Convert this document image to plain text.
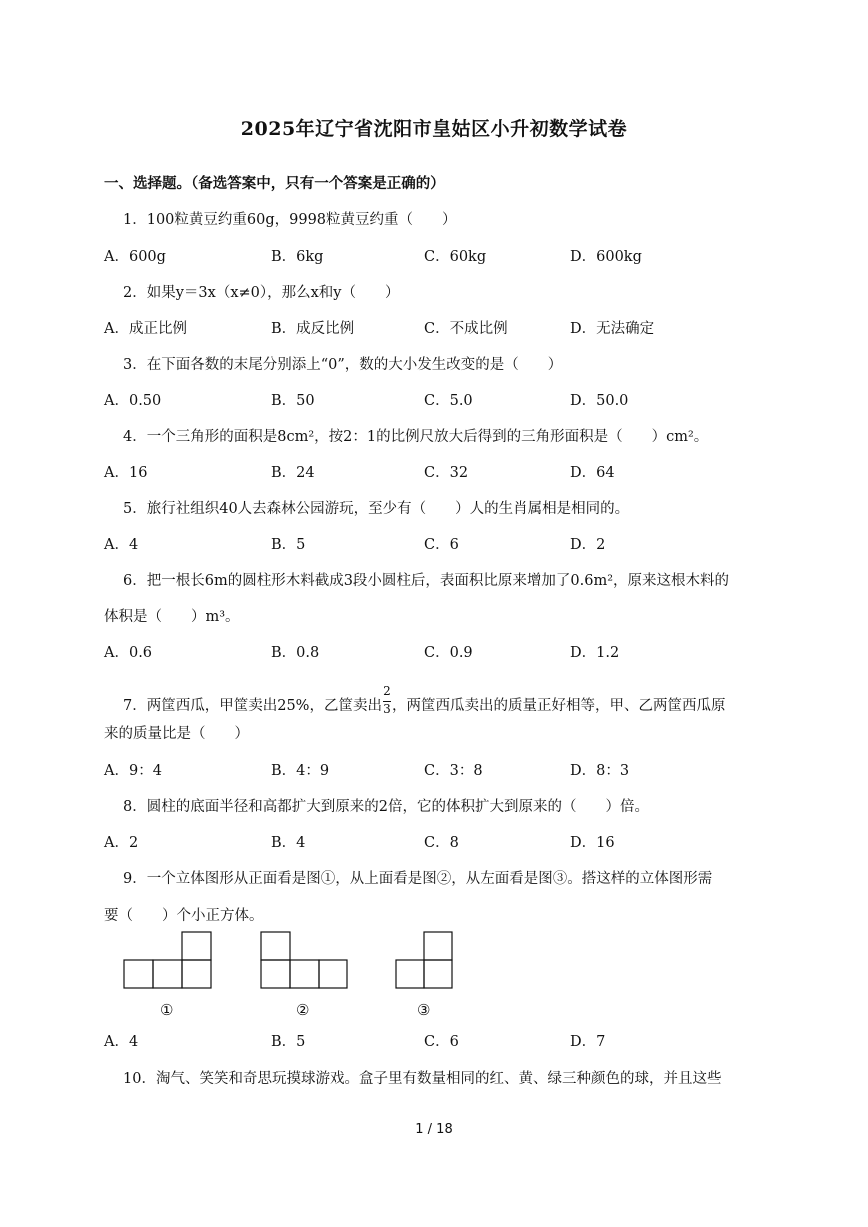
2025年辽宁省沈阳市皇姑区小升初数学试卷
一、选择题。（备选答案中，只有一个答案是正确的）
1．100粒黄豆约重60g，9998粒黄豆约重（　　）
A．600g	B．6kg	C．60kg	D．600kg
2．如果y＝3x（x≠0），那么x和y（　　）
A．成正比例	B．成反比例	C．不成比例	D．无法确定
3．在下面各数的末尾分别添上“0”，数的大小发生改变的是（　　）
A．0.50	B．50	C．5.0	D．50.0
4．一个三角形的面积是8cm²，按2：1的比例尺放大后得到的三角形面积是（　　）cm²。
A．16	B．24	C．32	D．64
5．旅行社组织40人去森林公园游玩，至少有（　　）人的生肖属相是相同的。
A．4	B．5	C．6	D．2
6．把一根长6m的圆柱形木料截成3段小圆柱后，表面积比原来增加了0.6m²，原来这根木料的
体积是（　　）m³。
A．0.6	B．0.8	C．0.9	D．1.2
7．两筐西瓜，甲筐卖出25%，乙筐卖出
$\frac{2}{3}$
，两筐西瓜卖出的质量正好相等，甲、乙两筐西瓜原
来的质量比是（　　）
A．9：4	B．4：9	C．3：8	D．8：3
8．圆柱的底面半径和高都扩大到原来的2倍，它的体积扩大到原来的（　　）倍。
A．2	B．4	C．8	D．16
9．一个立体图形从正面看是图①，从上面看是图②，从左面看是图③。搭这样的立体图形需
要（　　）个小正方体。
①	②	③
A．4	B．5	C．6	D．7
10．淘气、笑笑和奇思玩摸球游戏。盒子里有数量相同的红、黄、绿三种颜色的球，并且这些
1 / 18
